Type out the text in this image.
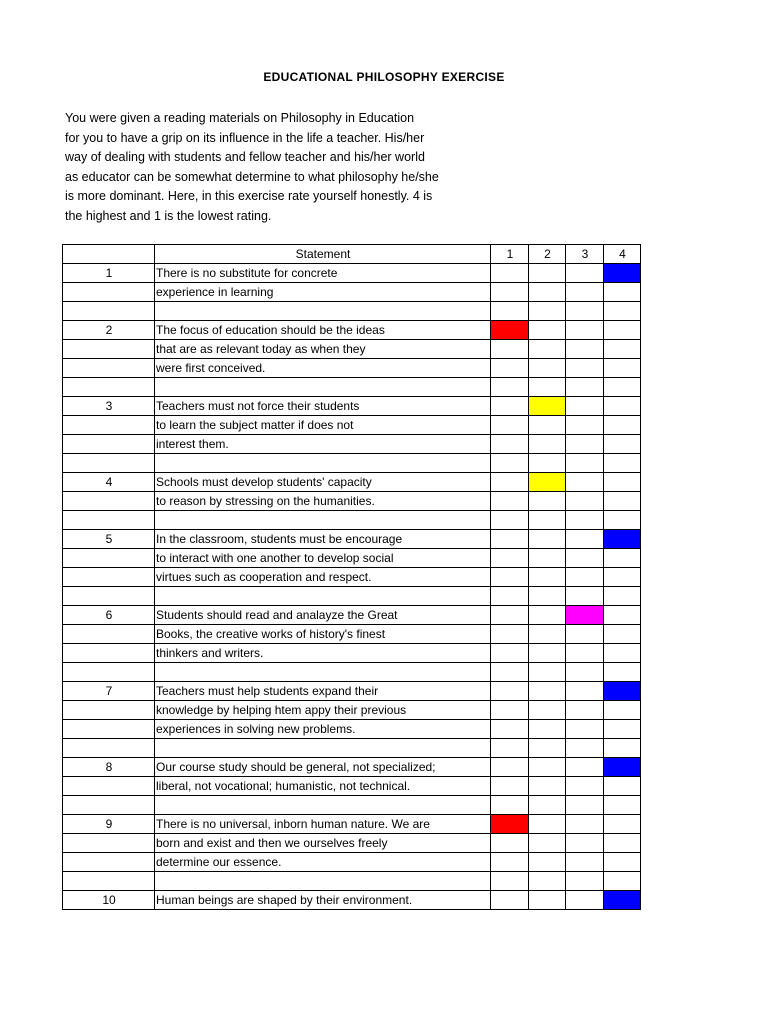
EDUCATIONAL PHILOSOPHY EXERCISE
You were given a reading materials on Philosophy in Education
for you to have a grip on its influence in the life a teacher. His/her
way of dealing with students and fellow teacher and his/her world
as educator can be somewhat determine to what philosophy he/she
is more dominant. Here, in this exercise rate yourself honestly. 4 is
the highest and 1 is the lowest rating.
	Statement	1	2	3	4
1	There is no substitute for concrete				
	experience in learning				

2	The focus of education should be the ideas				
	that are as relevant today as when they				
	were first conceived.				

3	Teachers must not force their students				
	to learn the subject matter if does not				
	interest them.				

4	Schools must develop students' capacity				
	to reason by stressing on the humanities.				

5	In the classroom, students must be encourage				
	to interact with one another to develop social				
	virtues such as cooperation and respect.				

6	Students should read and analayze the Great				
	Books, the creative works of history's finest				
	thinkers and writers.				

7	Teachers must help students expand their				
	knowledge by helping htem appy their previous				
	experiences in solving new problems.				

8	Our course study should be general, not specialized;				
	liberal, not vocational; humanistic, not technical.				

9	There is no universal, inborn human nature. We are				
	born and exist and then we ourselves freely				
	determine our essence.				

10	Human beings are shaped by their environment.				
